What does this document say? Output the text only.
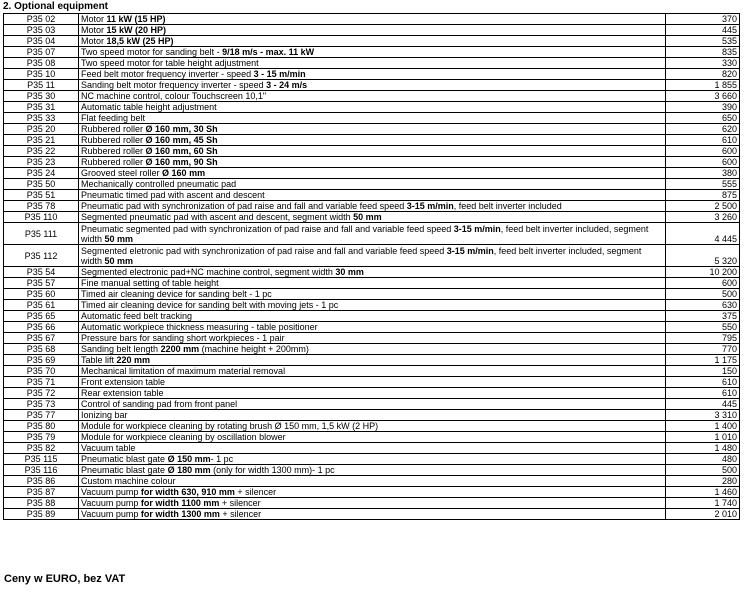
2. Optional equipment
P35 02	Motor 11 kW (15 HP)	370
P35 03	Motor 15 kW (20 HP)	445
P35 04	Motor 18,5 kW (25 HP)	535
P35 07	Two speed motor for sanding belt - 9/18 m/s - max. 11 kW	835
P35 08	Two speed motor for table height adjustment	330
P35 10	Feed belt motor frequency inverter - speed 3 - 15 m/min	820
P35 11	Sanding belt motor frequency inverter - speed 3 - 24 m/s	1 855
P35 30	NC machine control, colour Touchscreen 10,1"	3 660
P35 31	Automatic table height adjustment	390
P35 33	Flat feeding belt	650
P35 20	Rubbered roller Ø 160 mm, 30 Sh	620
P35 21	Rubbered roller Ø 160 mm, 45 Sh	610
P35 22	Rubbered roller Ø 160 mm, 60 Sh	600
P35 23	Rubbered roller Ø 160 mm, 90 Sh	600
P35 24	Grooved steel roller Ø 160 mm	380
P35 50	Mechanically controlled pneumatic pad	555
P35 51	Pneumatic timed pad with ascent and descent	875
P35 78	Pneumatic pad with synchronization of pad raise and fall and variable feed speed 3-15 m/min, feed belt inverter included	2 500
P35 110	Segmented pneumatic pad with ascent and descent, segment width 50 mm	3 260
P35 111	Pneumatic segmented pad with synchronization of pad raise and fall and variable feed speed 3-15 m/min, feed belt inverter included, segment width 50 mm	4 445
P35 112	Segmented eletronic pad with synchronization of pad raise and fall and variable feed speed 3-15 m/min, feed belt inverter included, segment width 50 mm	5 320
P35 54	Segmented electronic pad+NC machine control, segment width 30 mm	10 200
P35 57	Fine manual setting of table height	600
P35 60	Timed air cleaning device for sanding belt - 1 pc	500
P35 61	Timed air cleaning device for sanding belt with moving jets - 1 pc	630
P35 65	Automatic feed belt tracking	375
P35 66	Automatic workpiece thickness measuring - table positioner	550
P35 67	Pressure bars for sanding short workpieces - 1 pair	795
P35 68	Sanding belt length 2200 mm (machine height + 200mm)	770
P35 69	Table lift 220 mm	1 175
P35 70	Mechanical limitation of maximum material removal	150
P35 71	Front extension table	610
P35 72	Rear extension table	610
P35 73	Control of sanding pad from front panel	445
P35 77	Ionizing bar	3 310
P35 80	Module for workpiece cleaning by rotating brush Ø 150 mm, 1,5 kW (2 HP)	1 400
P35 79	Module for workpiece cleaning by oscillation blower	1 010
P35 82	Vacuum table	1 480
P35 115	Pneumatic blast gate Ø 150 mm- 1 pc	480
P35 116	Pneumatic blast gate Ø 180 mm (only for width 1300 mm)- 1 pc	500
P35 86	Custom machine colour	280
P35 87	Vacuum pump for width 630, 910 mm + silencer	1 460
P35 88	Vacuum pump for width 1100 mm + silencer	1 740
P35 89	Vacuum pump for width 1300 mm + silencer	2 010
Ceny w EURO, bez VAT
